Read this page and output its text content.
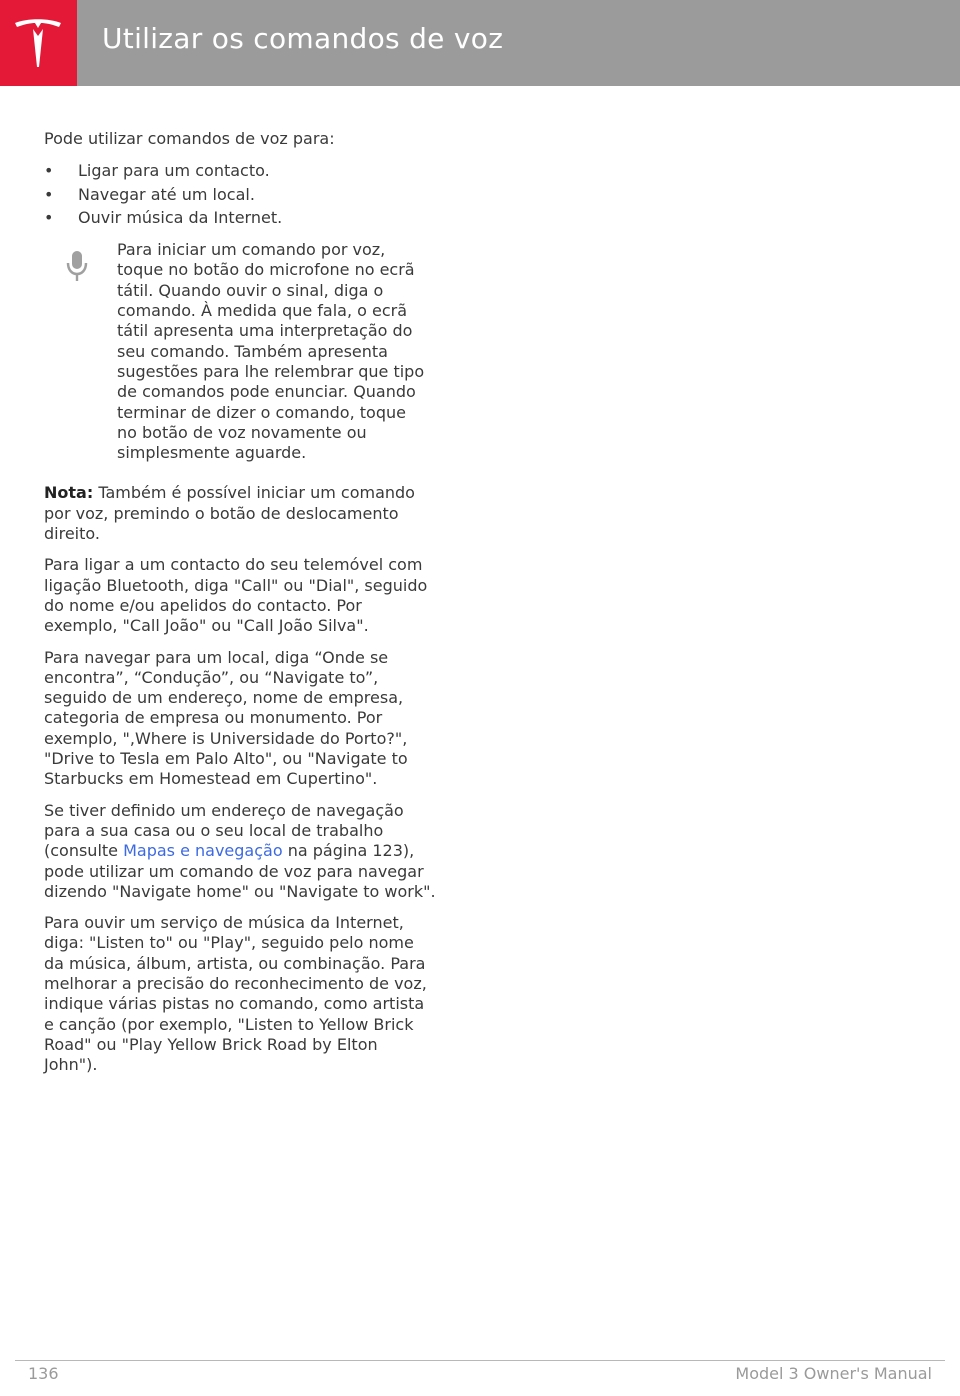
Utilizar os comandos de voz

Pode utilizar comandos de voz para:

• Ligar para um contacto.
• Navegar até um local.
• Ouvir música da Internet.
Para iniciar um comando por voz, toque no botão do microfone no ecrã tátil. Quando ouvir o sinal, diga o comando. À medida que fala, o ecrã tátil apresenta uma interpretação do seu comando. Também apresenta sugestões para lhe relembrar que tipo de comandos pode enunciar. Quando terminar de dizer o comando, toque no botão de voz novamente ou simplesmente aguarde.

Nota: Também é possível iniciar um comando por voz, premindo o botão de deslocamento direito.

Para ligar a um contacto do seu telemóvel com ligação Bluetooth, diga "Call" ou "Dial", seguido do nome e/ou apelidos do contacto. Por exemplo, "Call João" ou "Call João Silva".

Para navegar para um local, diga “Onde se encontra”, “Condução”, ou “Navigate to”, seguido de um endereço, nome de empresa, categoria de empresa ou monumento. Por exemplo, ",Where is Universidade do Porto?", "Drive to Tesla em Palo Alto", ou "Navigate to Starbucks em Homestead em Cupertino".

Se tiver definido um endereço de navegação para a sua casa ou o seu local de trabalho (consulte Mapas e navegação na página 123), pode utilizar um comando de voz para navegar dizendo "Navigate home" ou "Navigate to work".

Para ouvir um serviço de música da Internet, diga: "Listen to" ou "Play", seguido pelo nome da música, álbum, artista, ou combinação. Para melhorar a precisão do reconhecimento de voz, indique várias pistas no comando, como artista e canção (por exemplo, "Listen to Yellow Brick Road" ou "Play Yellow Brick Road by Elton John").

136	Model 3 Owner's Manual
